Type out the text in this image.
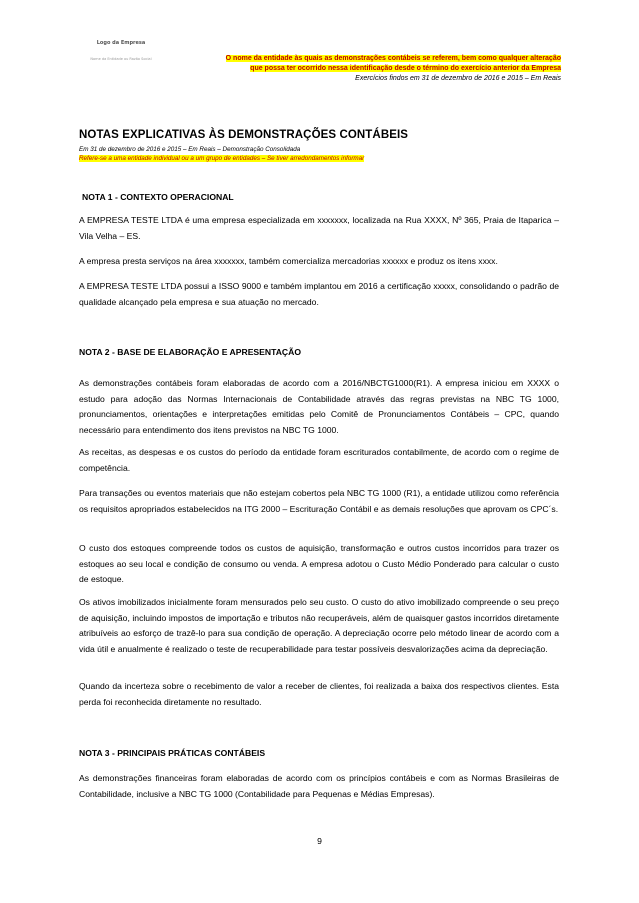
Logo da Empresa
Nome da Entidade ou Razão Social	O nome da entidade às quais as demonstrações contábeis se referem, bem como qualquer alteração
que possa ter ocorrido nessa identificação desde o término do exercício anterior da Empresa
Exercícios findos em 31 de dezembro de 2016 e 2015 – Em Reais
NOTAS EXPLICATIVAS ÀS DEMONSTRAÇÕES CONTÁBEIS
Em 31 de dezembro de 2016 e 2015 – Em Reais – Demonstração Consolidada
Refere-se a uma entidade individual ou a um grupo de entidades – Se tiver arredondamentos informar
NOTA 1 - CONTEXTO OPERACIONAL
A EMPRESA TESTE LTDA é uma empresa especializada em xxxxxxx, localizada na Rua XXXX, Nº 365, Praia de Itaparica – Vila Velha – ES.
A empresa presta serviços na área xxxxxxx, também comercializa mercadorias xxxxxx e produz os itens xxxx.
A EMPRESA TESTE LTDA possui a ISSO 9000 e também implantou em 2016 a certificação xxxxx, consolidando o padrão de qualidade alcançado pela empresa e sua atuação no mercado.
NOTA 2 - BASE DE ELABORAÇÃO E APRESENTAÇÃO
As demonstrações contábeis foram elaboradas de acordo com a 2016/NBCTG1000(R1). A empresa iniciou em XXXX o estudo para adoção das Normas Internacionais de Contabilidade através das regras previstas na NBC TG 1000, pronunciamentos, orientações e interpretações emitidas pelo Comitê de Pronunciamentos Contábeis – CPC, quando necessário para entendimento dos itens previstos na NBC TG 1000.
As receitas, as despesas e os custos do período da entidade foram escriturados contabilmente, de acordo com o regime de competência.
Para transações ou eventos materiais que não estejam cobertos pela NBC TG 1000 (R1), a entidade utilizou como referência os requisitos apropriados estabelecidos na ITG 2000 – Escrituração Contábil e as demais resoluções que aprovam os CPC´s.
O custo dos estoques compreende todos os custos de aquisição, transformação e outros custos incorridos para trazer os estoques ao seu local e condição de consumo ou venda. A empresa adotou o Custo Médio Ponderado para calcular o custo de estoque.
Os ativos imobilizados inicialmente foram mensurados pelo seu custo. O custo do ativo imobilizado compreende o seu preço de aquisição, incluindo impostos de importação e tributos não recuperáveis, além de quaisquer gastos incorridos diretamente atribuíveis ao esforço de trazê-lo para sua condição de operação. A depreciação ocorre pelo método linear de acordo com a vida útil e anualmente é realizado o teste de recuperabilidade para testar possíveis desvalorizações acima da depreciação.
Quando da incerteza sobre o recebimento de valor a receber de clientes, foi realizada a baixa dos respectivos clientes. Esta perda foi reconhecida diretamente no resultado.
NOTA 3 - PRINCIPAIS PRÁTICAS CONTÁBEIS
As demonstrações financeiras foram elaboradas de acordo com os princípios contábeis e com as Normas Brasileiras de Contabilidade, inclusive a NBC TG 1000 (Contabilidade para Pequenas e Médias Empresas).
9
